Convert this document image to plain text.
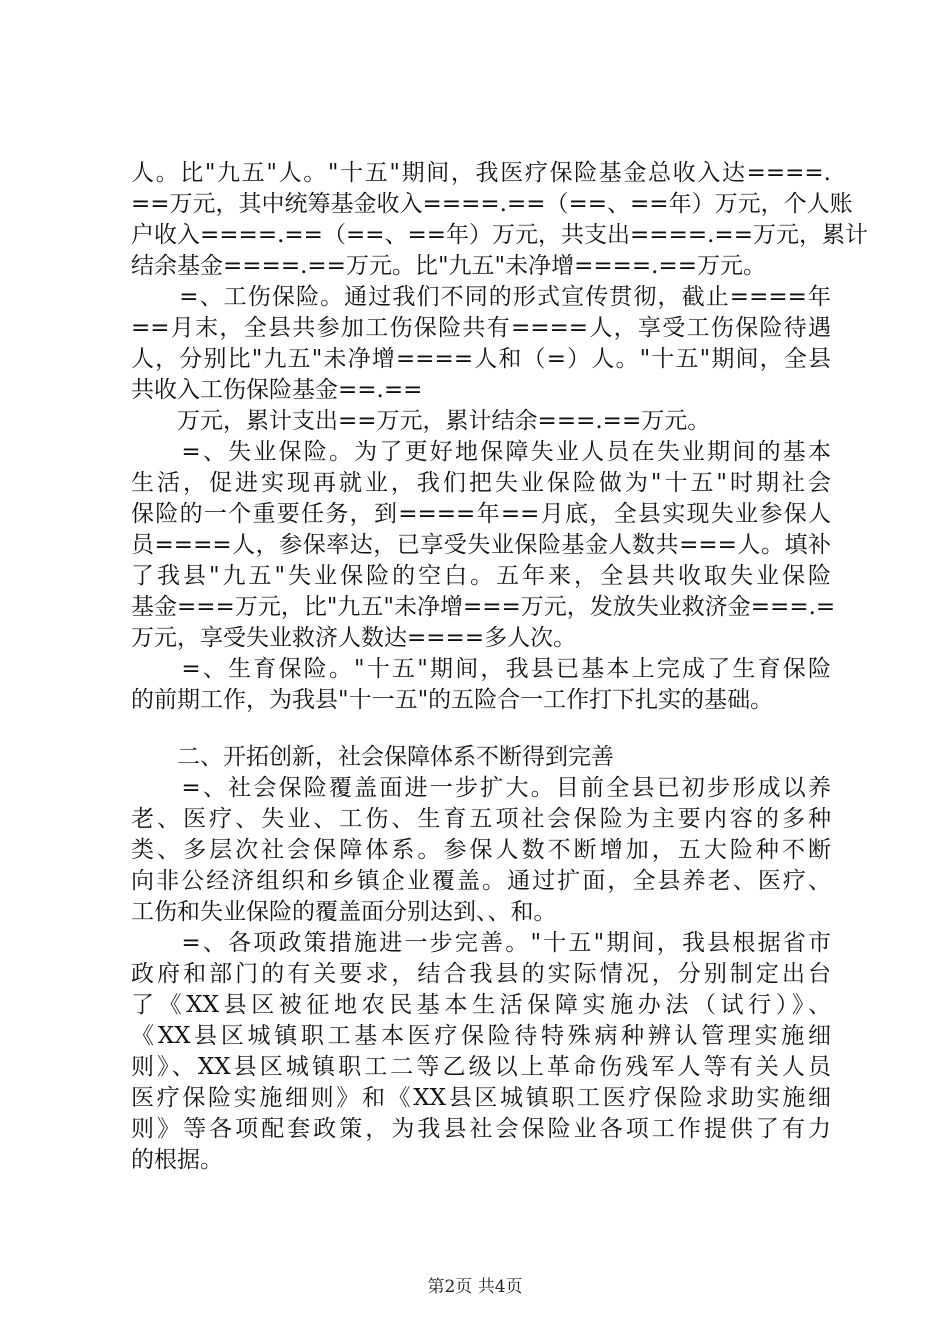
人。比"九五"人。"十五"期间，我医疗保险基金总收入达====.
==万元，其中统筹基金收入====.==（==、==年）万元，个人账
户收入====.==（==、==年）万元，共支出====.==万元，累计
结余基金====.==万元。比"九五"未净增====.==万元。
　　=、工伤保险。通过我们不同的形式宣传贯彻，截止====年
==月末，全县共参加工伤保险共有====人，享受工伤保险待遇
人，分别比"九五"未净增====人和（=）人。"十五"期间，全县
共收入工伤保险基金==.==
　　万元，累计支出==万元，累计结余===.==万元。
　　=、失业保险。为了更好地保障失业人员在失业期间的基本
生活，促进实现再就业，我们把失业保险做为"十五"时期社会
保险的一个重要任务，到====年==月底，全县实现失业参保人
员====人，参保率达，已享受失业保险基金人数共===人。填补
了我县"九五"失业保险的空白。五年来，全县共收取失业保险
基金===万元，比"九五"未净增===万元，发放失业救济金===.=
万元，享受失业救济人数达====多人次。
　　=、生育保险。"十五"期间，我县已基本上完成了生育保险
的前期工作，为我县"十一五"的五险合一工作打下扎实的基础。
　　二、开拓创新，社会保障体系不断得到完善
　　=、社会保险覆盖面进一步扩大。目前全县已初步形成以养
老、医疗、失业、工伤、生育五项社会保险为主要内容的多种
类、多层次社会保障体系。参保人数不断增加，五大险种不断
向非公经济组织和乡镇企业覆盖。通过扩面，全县养老、医疗、
工伤和失业保险的覆盖面分别达到、、和。
　　=、各项政策措施进一步完善。"十五"期间，我县根据省市
政府和部门的有关要求，结合我县的实际情况，分别制定出台
了《XX县区被征地农民基本生活保障实施办法（试行）》、
《XX县区城镇职工基本医疗保险待特殊病种辨认管理实施细
则》、XX县区城镇职工二等乙级以上革命伤残军人等有关人员
医疗保险实施细则》和《XX县区城镇职工医疗保险求助实施细
则》等各项配套政策，为我县社会保险业各项工作提供了有力
的根据。
第2页 共4页
